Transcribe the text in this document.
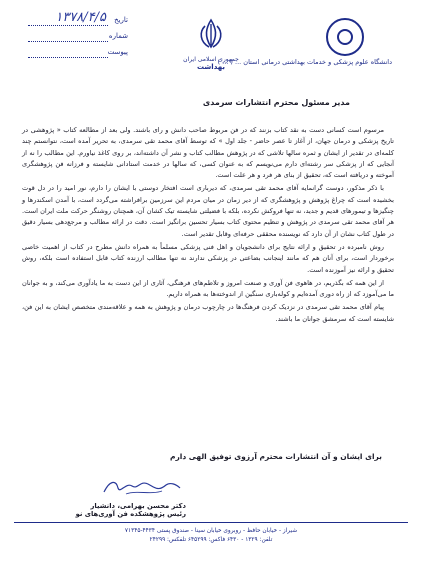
دانشگاه علوم پزشکی و خدمات بهداشتی درمانی استان ... ( ... )
جمهوری اسلامی ایران
بهداشت
تاریخ
۱۳۷۸/۴/۵
شماره
پیوست
مدیر مسئول محترم انتشارات سرمدی

مرسوم است کسانی دست به نقد کتاب بزنند که در فن مربوط صاحب دانش و رای باشند. ولی بعد از مطالعه کتاب « پژوهشی در تاریخ پزشکی و درمان جهان، از آغاز تا عصر حاضر - جلد اول » که توسط آقای محمد تقی سرمدی، به تحریر آمده است، نتوانستم چند کلمه‌ای در تقدیر از ایشان و ثمره سالها تلاشی که در پژوهش مطالب کتاب و نشر آن داشته‌اند، بر روی کاغذ نیاورم. این مطالب را نه از آنجایی که از پزشکی سر رشته‌ای دارم می‌نویسم که به عنوان کسی، که سالها در خدمت استادانی شایسته و فرزانه فن پژوهشگری آموخته و دریافته است که، تحقیق از بنای هر فرد و هر علت است.

با ذکر مذکور، دوست گرانمایه آقای محمد تقی سرمدی، که دیرباری است افتخار دوستی با ایشان را دارم، نور امید را در دل قوت بخشیده است که چراغ پژوهش و پژوهشگری که از دیر زمان در میان مردم این سرزمین برافراشته می‌گردد است، با آمدن اسکندرها و چنگیزها و تیمورهای قدیم و جدید، نه تنها فروکش نکرده، بلکه با فضیلتی شایسته تیک کشان آن، همچنان روشنگر حرکت ملت ایران است. هر آقای محمد تقی سرمدی در پژوهش و تنظیم محتوی کتاب بسیار تحسین برانگیز است. دقت در ارائه مطالب و مرجع‌دهی بسیار دقیق در طول کتاب نشان از آن دارد که نویسنده محققی حرفه‌ای وقابل تقدیر است.

روش نامبرده در تحقیق و ارائه نتایج برای دانشجویان و اهل فنی پزشکی مسلماً به همراه دانش مطرح در کتاب از اهمیت خاصی برخوردار است، برای آنان هم که مانند اینجانب بضاعتی در پزشکی ندارند نه تنها مطالب ارزنده کتاب قابل استفاده است بلکه، روش تحقیق و ارائه نیز آموزنده است.

از این همه که بگذریم، در هاهوی فن آوری و صنعت امروز و تلاطم‌های فرهنگی، آثاری از این دست به ما یادآوری می‌کند، و به جوانان ما می‌آموزد که از راه دوری آمده‌ایم و کوله‌باری سنگین از اندوخته‌ها به همراه داریم.

پیام آقای محمد تقی سرمدی در نزدیک کردن فرهنگ‌ها در چارچوب درمان و پژوهش به همه و علاقه‌مندی متخصص ایشان به این فن، شایسته است که سرمشق جوانان ما باشند.

برای ایشان و آن انتشارات محترم آرزوی توفیق الهی دارم
دکتر محسن بهرامی، دانشیار
رئیس پژوهشکده فن آوری‌های نو
شیراز - خیابان حافظ - روبروی خیابان سینا - صندوق پستی ۴۴۳۴-۷۱۳۴۵
تلفن: ۱۳۲۹ - ۶۴۳۰ فاکس: ۶۴۵۲۹۹ تلفکس: ۲۴۲۹۹
